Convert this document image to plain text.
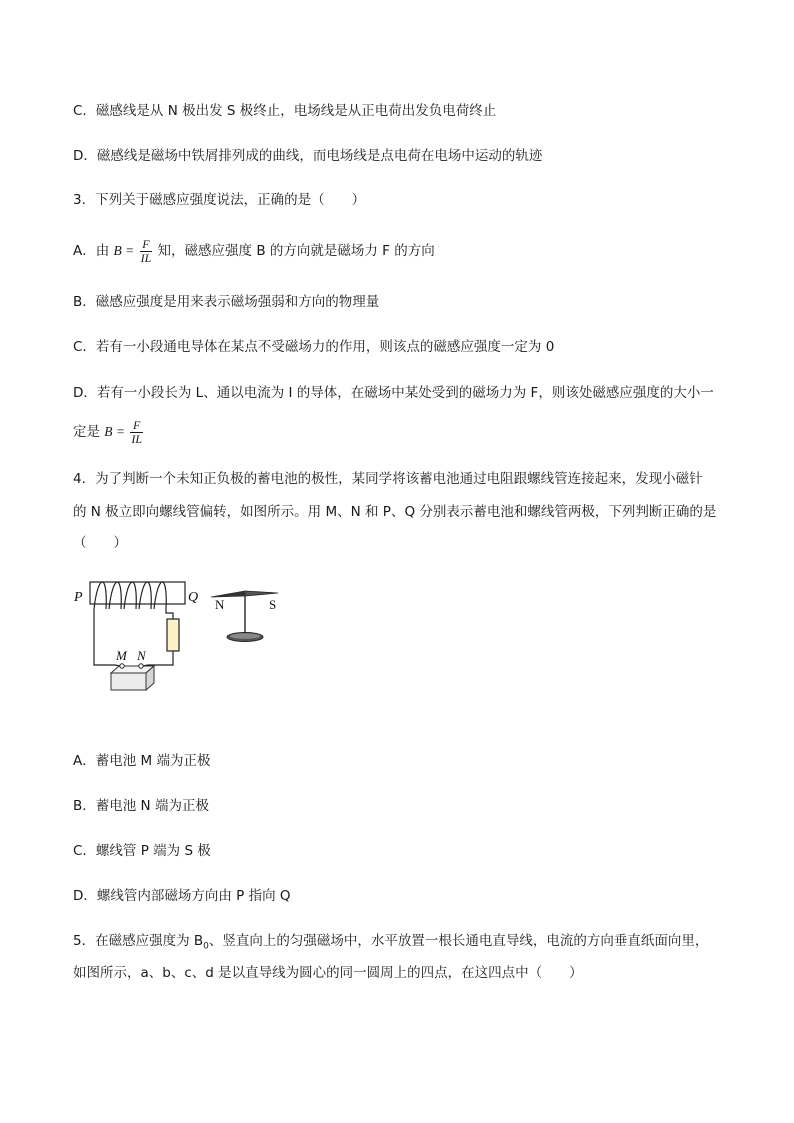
C．磁感线是从 N 极出发 S 极终止，电场线是从正电荷出发负电荷终止
D．磁感线是磁场中铁屑排列成的曲线，而电场线是点电荷在电场中运动的轨迹
3．下列关于磁感应强度说法，正确的是（　　）
A．由 $B = \frac{F}{IL}$ 知，磁感应强度 B 的方向就是磁场力 F 的方向
B．磁感应强度是用来表示磁场强弱和方向的物理量
C．若有一小段通电导体在某点不受磁场力的作用，则该点的磁感应强度一定为 0
D．若有一小段长为 L、通以电流为 I 的导体，在磁场中某处受到的磁场力为 F，则该处磁感应强度的大小一
定是 $B = \frac{F}{IL}$
4．为了判断一个未知正负极的蓄电池的极性，某同学将该蓄电池通过电阻跟螺线管连接起来，发现小磁针
的 N 极立即向螺线管偏转，如图所示。用 M、N 和 P、Q 分别表示蓄电池和螺线管两极，下列判断正确的是
（　　）
P	Q
M N
N	S
A．蓄电池 M 端为正极
B．蓄电池 N 端为正极
C．螺线管 P 端为 S 极
D．螺线管内部磁场方向由 P 指向 Q
5．在磁感应强度为 $B_0$、竖直向上的匀强磁场中，水平放置一根长通电直导线，电流的方向垂直纸面向里，
如图所示，a、b、c、d 是以直导线为圆心的同一圆周上的四点，在这四点中（　　）
